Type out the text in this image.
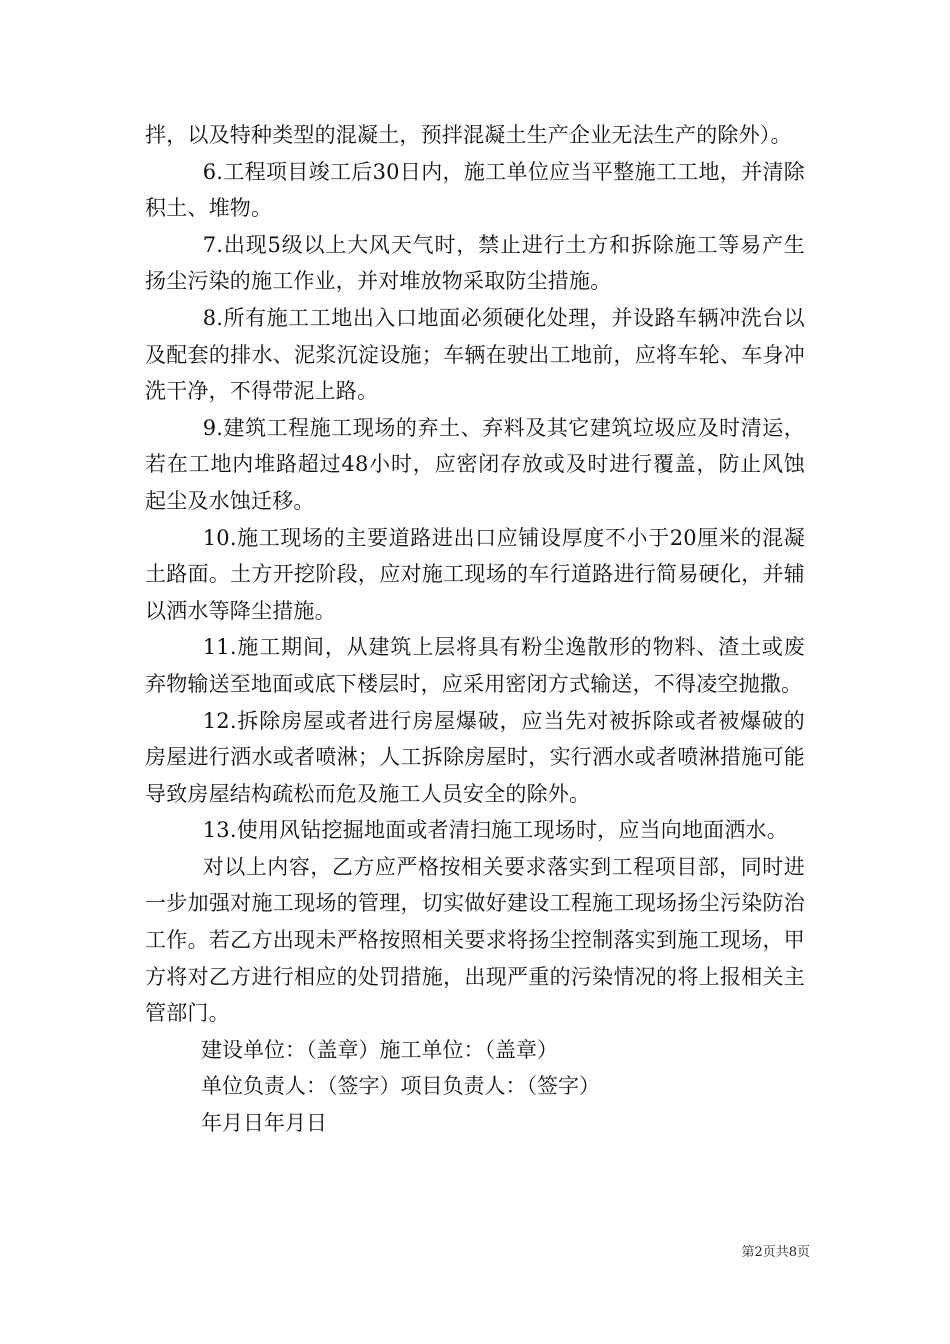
拌，以及特种类型的混凝土，预拌混凝土生产企业无法生产的除外）。

6.工程项目竣工后30日内，施工单位应当平整施工工地，并清除积土、堆物。

7.出现5级以上大风天气时，禁止进行土方和拆除施工等易产生扬尘污染的施工作业，并对堆放物采取防尘措施。

8.所有施工工地出入口地面必须硬化处理，并设路车辆冲洗台以及配套的排水、泥浆沉淀设施；车辆在驶出工地前，应将车轮、车身冲洗干净，不得带泥上路。

9.建筑工程施工现场的弃土、弃料及其它建筑垃圾应及时清运，若在工地内堆路超过48小时，应密闭存放或及时进行覆盖，防止风蚀起尘及水蚀迁移。

10.施工现场的主要道路进出口应铺设厚度不小于20厘米的混凝土路面。土方开挖阶段，应对施工现场的车行道路进行简易硬化，并辅以洒水等降尘措施。

11.施工期间，从建筑上层将具有粉尘逸散形的物料、渣土或废弃物输送至地面或底下楼层时，应采用密闭方式输送，不得凌空抛撒。

12.拆除房屋或者进行房屋爆破，应当先对被拆除或者被爆破的房屋进行洒水或者喷淋；人工拆除房屋时，实行洒水或者喷淋措施可能导致房屋结构疏松而危及施工人员安全的除外。

13.使用风钻挖掘地面或者清扫施工现场时，应当向地面洒水。

对以上内容，乙方应严格按相关要求落实到工程项目部，同时进一步加强对施工现场的管理，切实做好建设工程施工现场扬尘污染防治工作。若乙方出现未严格按照相关要求将扬尘控制落实到施工现场，甲方将对乙方进行相应的处罚措施，出现严重的污染情况的将上报相关主管部门。

建设单位：（盖章）施工单位：（盖章）

单位负责人：（签字）项目负责人：（签字）

年月日年月日

第2页共8页
